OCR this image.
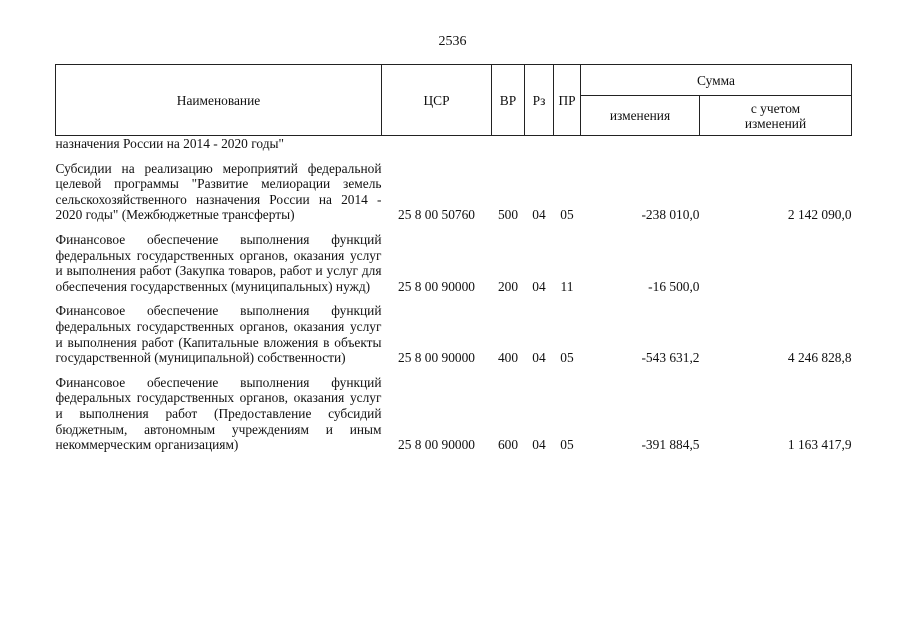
2536
Наименование	ЦСР	ВР	Рз	ПР	Сумма	
					изменения	с учетом изменений
назначения России на 2014 - 2020 годы"						

Субсидии на реализацию мероприятий федеральной целевой программы "Развитие мелиорации земель сельскохозяйственного назначения России на 2014 - 2020 годы" (Межбюджетные трансферты)	25 8 00 50760	500	04	05	-238 010,0	2 142 090,0

Финансовое обеспечение выполнения функций федеральных государственных органов, оказания услуг и выполнения работ (Закупка товаров, работ и услуг для обеспечения государственных (муниципальных) нужд)	25 8 00 90000	200	04	11	-16 500,0	

Финансовое обеспечение выполнения функций федеральных государственных органов, оказания услуг и выполнения работ (Капитальные вложения в объекты государственной (муниципальной) собственности)	25 8 00 90000	400	04	05	-543 631,2	4 246 828,8

Финансовое обеспечение выполнения функций федеральных государственных органов, оказания услуг и выполнения работ (Предоставление субсидий бюджетным, автономным учреждениям и иным некоммерческим организациям)	25 8 00 90000	600	04	05	-391 884,5	1 163 417,9
